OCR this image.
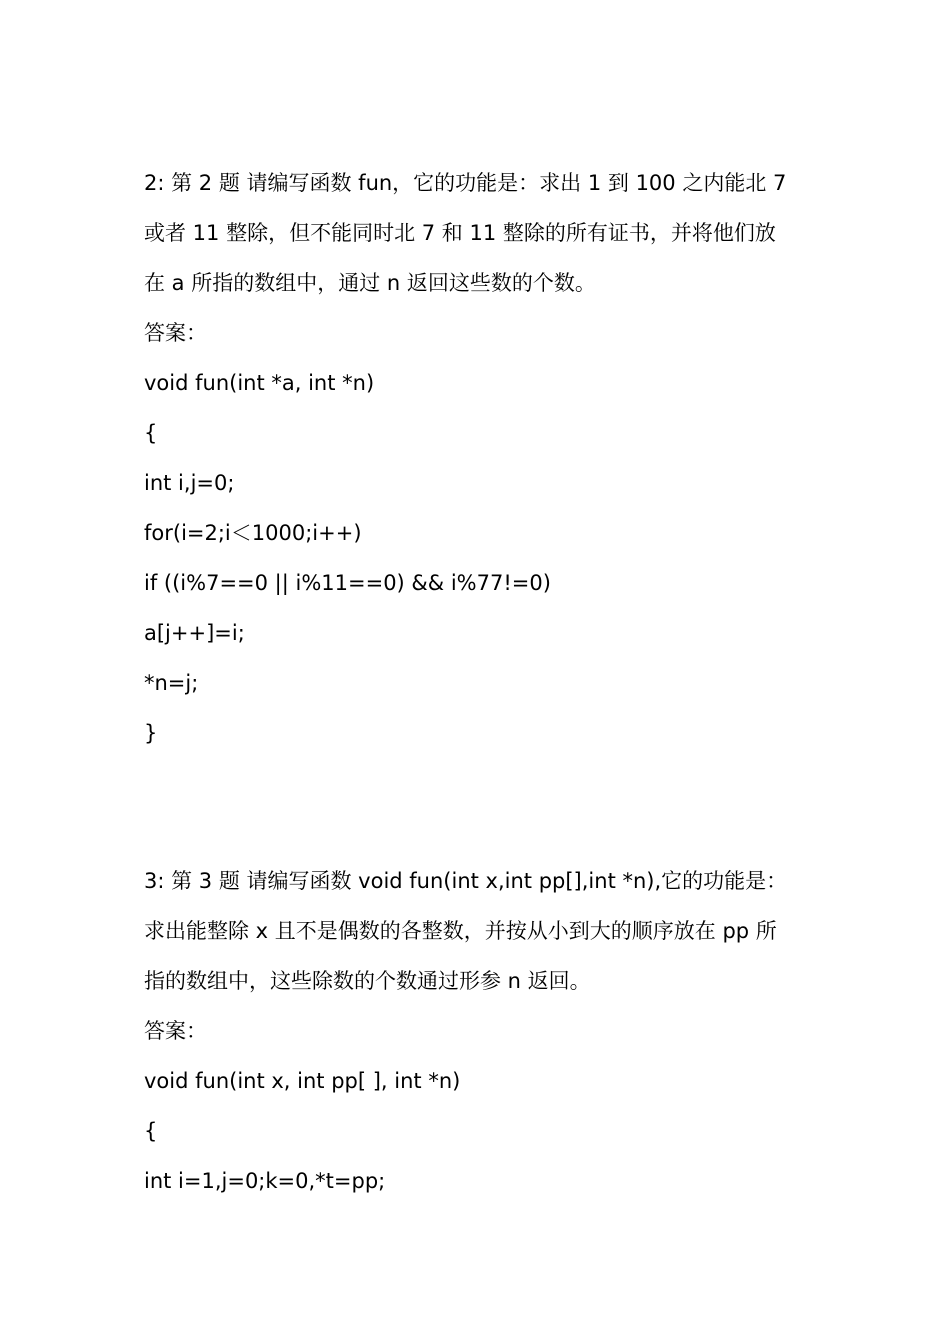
2: 第 2 题 请编写函数 fun，它的功能是：求出 1 到 100 之内能北 7
或者 11 整除，但不能同时北 7 和 11 整除的所有证书，并将他们放
在 a 所指的数组中，通过 n 返回这些数的个数。
答案：
void fun(int *a, int *n)
{
int i,j=0;
for(i=2;i＜1000;i++)
if ((i%7==0 || i%11==0) && i%77!=0)
a[j++]=i;
*n=j;
}
3: 第 3 题 请编写函数 void fun(int x,int pp[],int *n),它的功能是：
求出能整除 x 且不是偶数的各整数，并按从小到大的顺序放在 pp 所
指的数组中，这些除数的个数通过形参 n 返回。
答案：
void fun(int x, int pp[ ], int *n)
{
int i=1,j=0;k=0,*t=pp;
